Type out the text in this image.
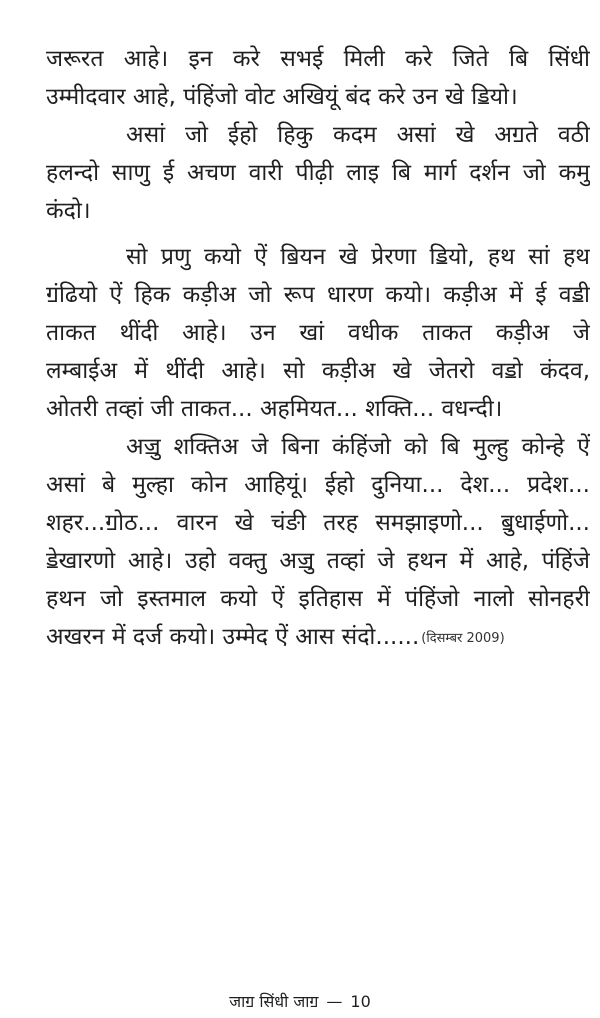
जरूरत आहे। इन करे सभई मिली करे जिते बि सिंधी
उम्मीदवार आहे, पंहिंजो वोट अखियूं बंद करे उन खे ॾियो।
असां जो ईहो हिकु कदम असां खे अॻते वठी
हलन्दो साणु ई अचण वारी पीढ़ी लाइ बि मार्ग दर्शन जो कमु
कंदो।
सो प्रणु कयो ऐं ॿियन खे प्रेरणा ॾियो, हथ सां हथ
ॻंढियो ऐं हिक कड़ीअ जो रूप धारण कयो। कड़ीअ में ई वॾी
ताकत थींदी आहे। उन खां वधीक ताकत कड़ीअ जे
लम्बाईअ में थींदी आहे। सो कड़ीअ खे जेतरो वॾो कंदव,
ओतरी तव्हां जी ताकत... अहमियत... शक्ति... वधन्दी।
अॼु शक्तिअ जे बिना कंहिंजो को बि मुल्हु कोन्हे ऐं
असां बे मुल्हा कोन आहियूं। ईहो दुनिया... देश... प्रदेश...
शहर...ॻोठ... वारन खे चंङी तरह समझाइणो... ॿुधाईणो...
ॾेखारणो आहे। उहो वक्तु अॼु तव्हां जे हथन में आहे, पंहिंजे
हथन जो इस्तमाल कयो ऐं इतिहास में पंहिंजो नालो सोनहरी
अखरन में दर्ज कयो। उम्मेद ऐं आस संदो...... (दिसम्बर 2009)
जाॻ सिंधी जाॻ — 10
